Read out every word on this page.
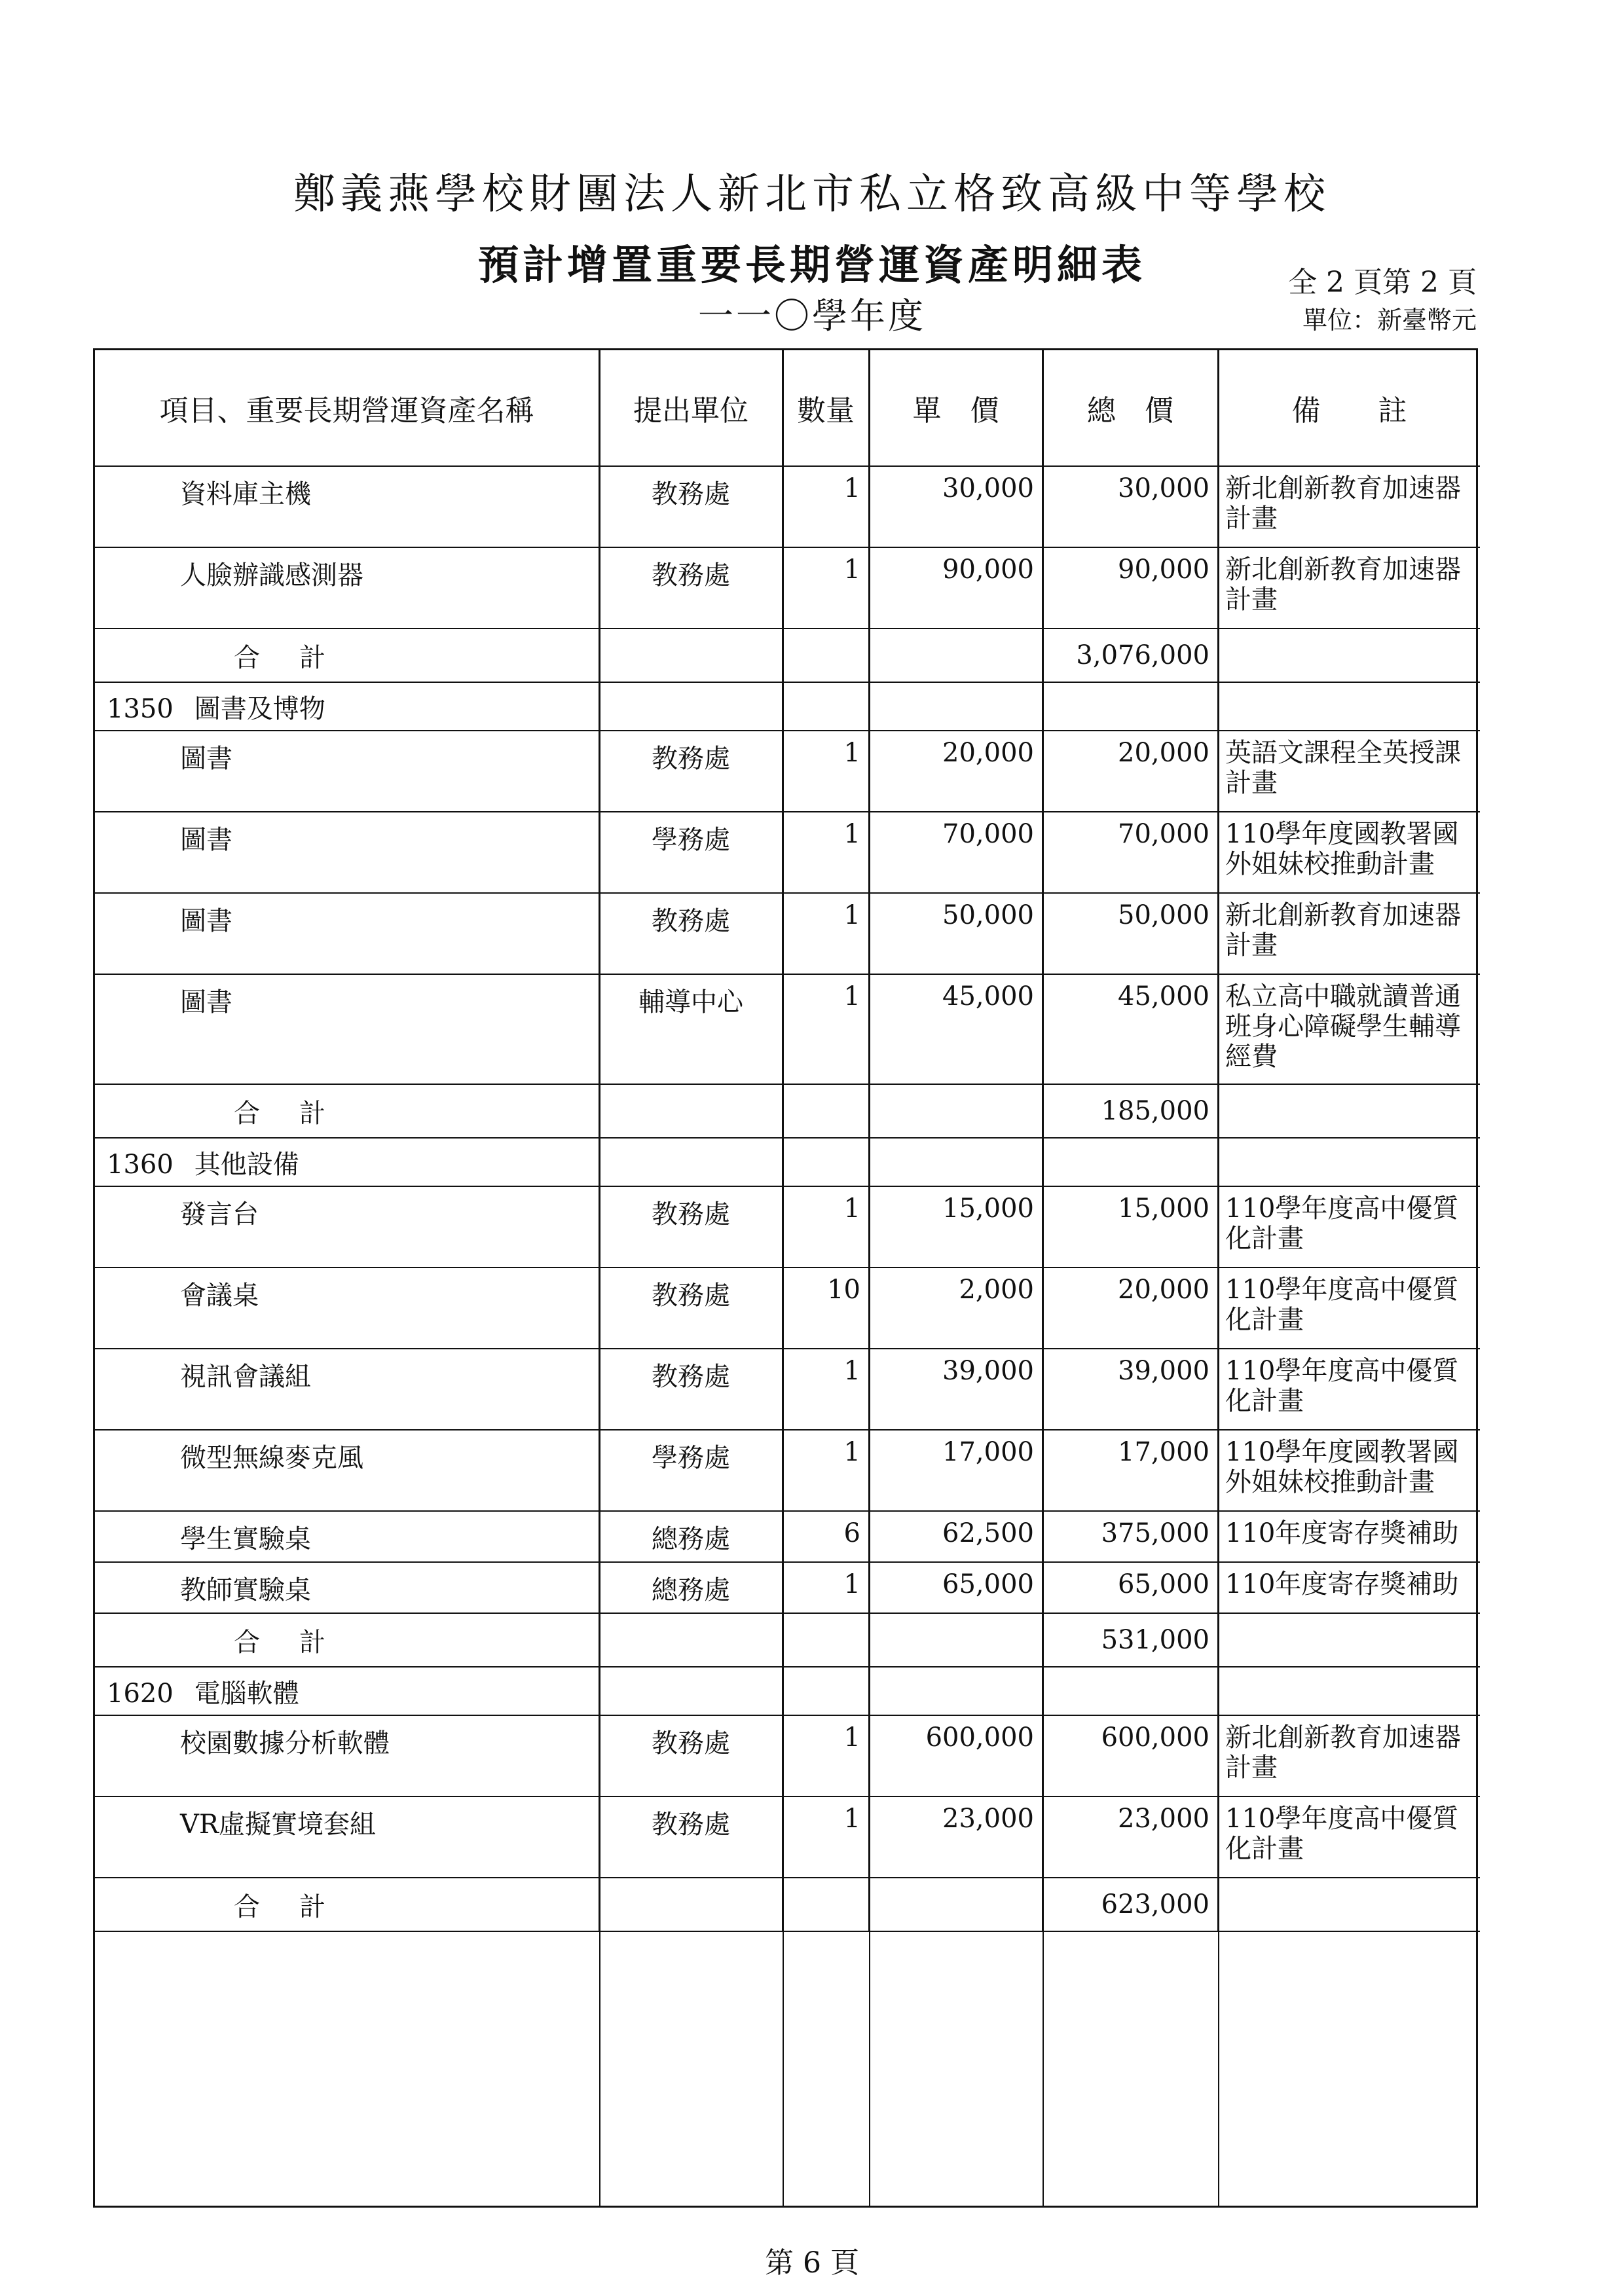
鄭義燕學校財團法人新北市私立格致高級中等學校
預計增置重要長期營運資產明細表
一一〇學年度
全 2 頁第 2 頁
單位：新臺幣元
項目、重要長期營運資產名稱	提出單位	數量	單　價	總　價	備　　註
資料庫主機	教務處	1	30,000	30,000	新北創新教育加速器計畫
人臉辦識感測器	教務處	1	90,000	90,000	新北創新教育加速器計畫
合計				3,076,000	
1350 圖書及博物					
圖書	教務處	1	20,000	20,000	英語文課程全英授課計畫
圖書	學務處	1	70,000	70,000	110學年度國教署國外姐妹校推動計畫
圖書	教務處	1	50,000	50,000	新北創新教育加速器計畫
圖書	輔導中心	1	45,000	45,000	私立高中職就讀普通班身心障礙學生輔導經費
合計				185,000	
1360 其他設備					
發言台	教務處	1	15,000	15,000	110學年度高中優質化計畫
會議桌	教務處	10	2,000	20,000	110學年度高中優質化計畫
視訊會議組	教務處	1	39,000	39,000	110學年度高中優質化計畫
微型無線麥克風	學務處	1	17,000	17,000	110學年度國教署國外姐妹校推動計畫
學生實驗桌	總務處	6	62,500	375,000	110年度寄存獎補助
教師實驗桌	總務處	1	65,000	65,000	110年度寄存獎補助
合計				531,000	
1620 電腦軟體					
校園數據分析軟體	教務處	1	600,000	600,000	新北創新教育加速器計畫
VR虛擬實境套組	教務處	1	23,000	23,000	110學年度高中優質化計畫
合計				623,000	
第 6 頁
